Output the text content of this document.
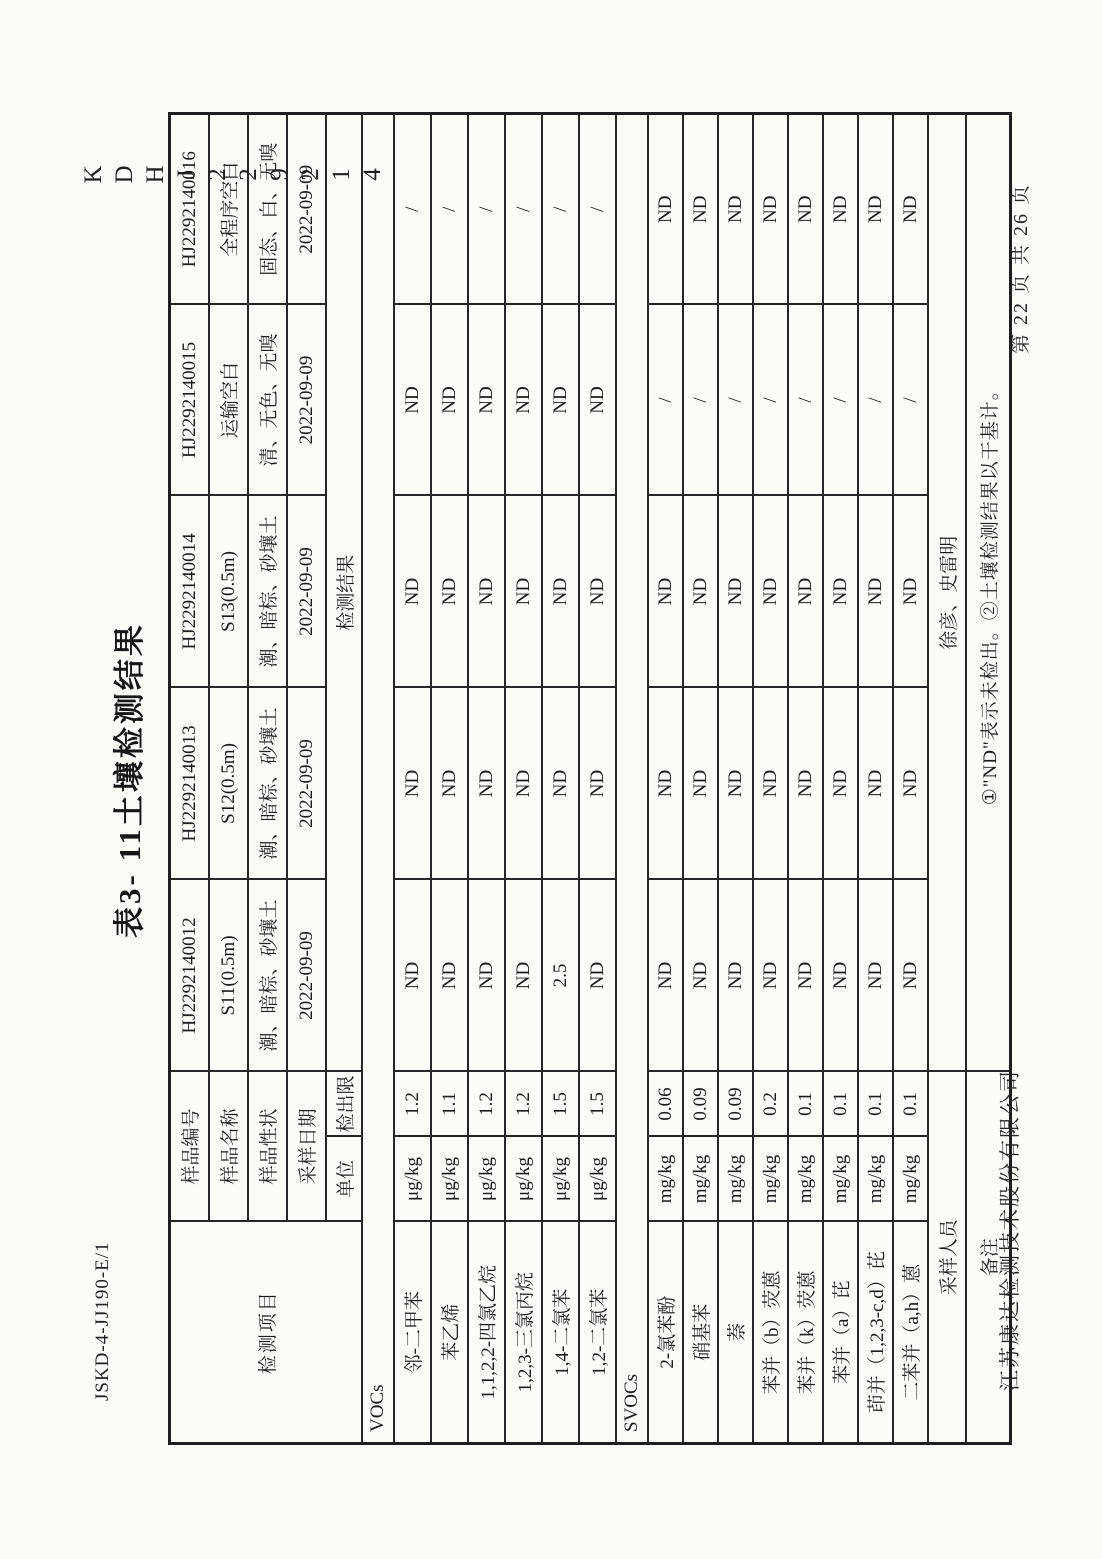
JSKD-4-JJ190-E/1
表3- 11土壤检测结果
KDHJ229214
检测项目	样品编号		HJ2292140012	HJ2292140013	HJ2292140014	HJ2292140015	HJ2292140016
	样品名称		S11(0.5m)	S12(0.5m)	S13(0.5m)	运输空白	全程序空白
	样品性状		潮、暗棕、砂壤土	潮、暗棕、砂壤土	潮、暗棕、砂壤土	清、无色、无嗅	固态、白、无嗅
	采样日期		2022-09-09	2022-09-09	2022-09-09	2022-09-09	2022-09-09
	单位	检出限	检测结果				
VOCs							
邻-二甲苯	μg/kg	1.2	ND	ND	ND	ND	/
苯乙烯	μg/kg	1.1	ND	ND	ND	ND	/
1,1,2,2-四氯乙烷	μg/kg	1.2	ND	ND	ND	ND	/
1,2,3-三氯丙烷	μg/kg	1.2	ND	ND	ND	ND	/
1,4-二氯苯	μg/kg	1.5	2.5	ND	ND	ND	/
1,2-二氯苯	μg/kg	1.5	ND	ND	ND	ND	/
SVOCs							
2-氯苯酚	mg/kg	0.06	ND	ND	ND	/	ND
硝基苯	mg/kg	0.09	ND	ND	ND	/	ND
萘	mg/kg	0.09	ND	ND	ND	/	ND
苯并（b）荧蒽	mg/kg	0.2	ND	ND	ND	/	ND
苯并（k）荧蒽	mg/kg	0.1	ND	ND	ND	/	ND
苯并（a）芘	mg/kg	0.1	ND	ND	ND	/	ND
茚并（1,2,3-c,d）芘	mg/kg	0.1	ND	ND	ND	/	ND
二苯并（a,h）蒽	mg/kg	0.1	ND	ND	ND	/	ND
采样人员			徐彦、史雷明				
备注			①"ND"表示未检出。②土壤检测结果以干基计。				
江苏康达检测技术股份有限公司
第 22 页 共 26 页
